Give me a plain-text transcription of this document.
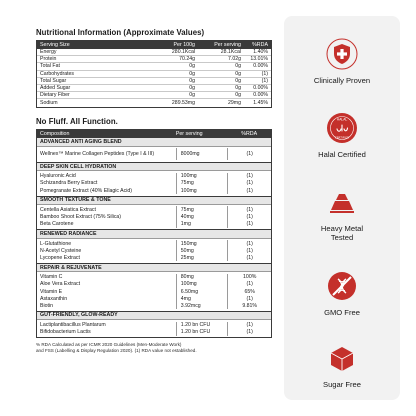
Nutritional Information (Approximate Values)
Serving Size	Per 100g	Per serving	%RDA
Energy	280.1Kcal	28.1Kcal	1.40%
Protein	70.24g	7.02g	13.01%
Total Fat	0g	0g	0.00%
Carbohydrates	0g	0g	(1)
Total Sugar	0g	0g	(1)
Added Sugar	0g	0g	0.00%
Dietary Fiber	0g	0g	0.00%
Sodium	289.53mg	29mg	1.45%
No Fluff. All Function.
Composition	Per serving	%RDA
ADVANCED ANTI AGING BLEND
Wellnex™ Marine Collagen Peptides (Type I & III)	8000mg	(1)
DEEP SKIN CELL HYDRATION
Hyaluronic Acid	100mg	(1)
Schizandra Berry Extract	75mg	(1)
Pomegranate Extract (40% Ellagic Acid)	100mg	(1)
SMOOTH TEXTURE & TONE
Centella Asiatica Extract	75mg	(1)
Bamboo Shoot Extract (75% Silica)	40mg	(1)
Beta Carotene	1mg	(1)
RENEWED RADIANCE
L-Glutathione	150mg	(1)
N-Acetyl Cysteine	50mg	(1)
Lycopene Extract	25mg	(1)
REPAIR & REJUVENATE
Vitamin C	80mg	100%
Aloe Vera Extract	100mg	(1)
Vitamin E	6.50mg	65%
Astaxanthin	4mg	(1)
Biotin	3.92mcg	9.81%
GUT-FRIENDLY, GLOW-READY
Lactiplantibacillus Plantarum	1.20 bn CFU	(1)
Bifidobacterium Lactis	1.20 bn CFU	(1)
% RDA Calculated as per ICMR 2020 Guidelines (Men-Moderate Work)
and FSS (Labelling & Display Regulation 2020). (1) RDA value not established.
Clinically Proven
HALAL
CERTIFIED
Halal Certified
Heavy Metal
Tested
GMO Free
Sugar Free
